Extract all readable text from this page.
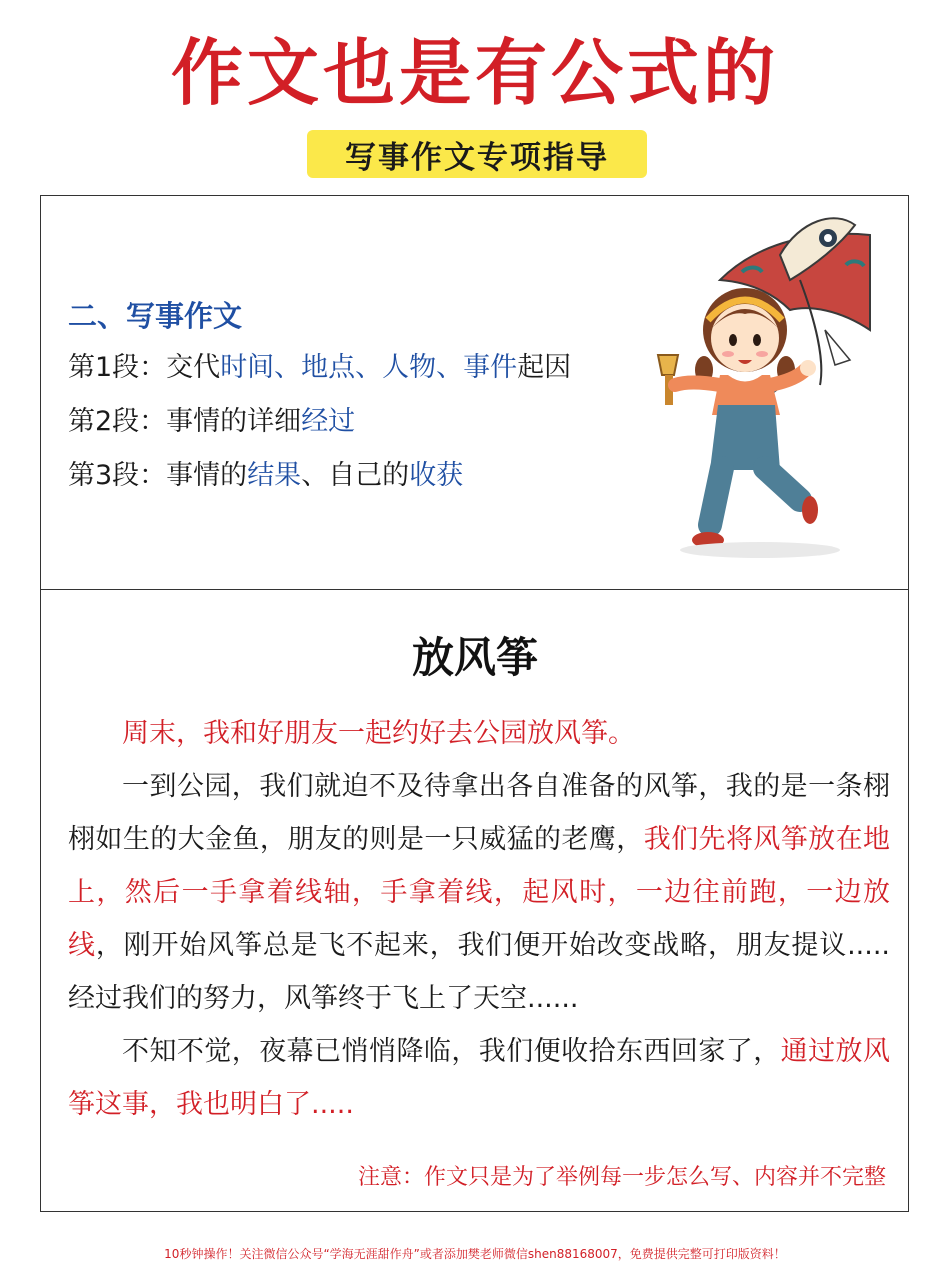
作文也是有公式的
写事作文专项指导
二、写事作文
第1段：交代时间、地点、人物、事件起因
第2段：事情的详细经过
第3段：事情的结果、自己的收获
放风筝

周末，我和好朋友一起约好去公园放风筝。

一到公园，我们就迫不及待拿出各自准备的风筝，我的是一条栩栩如生的大金鱼，朋友的则是一只威猛的老鹰，我们先将风筝放在地上，然后一手拿着线轴，手拿着线，起风时，一边往前跑，一边放线，刚开始风筝总是飞不起来，我们便开始改变战略，朋友提议.....经过我们的努力，风筝终于飞上了天空......

不知不觉，夜幕已悄悄降临，我们便收拾东西回家了，通过放风筝这事，我也明白了.....

注意：作文只是为了举例每一步怎么写、内容并不完整
10秒钟操作！关注微信公众号“学海无涯甜作舟”或者添加樊老师微信shen88168007，免费提供完整可打印版资料！
